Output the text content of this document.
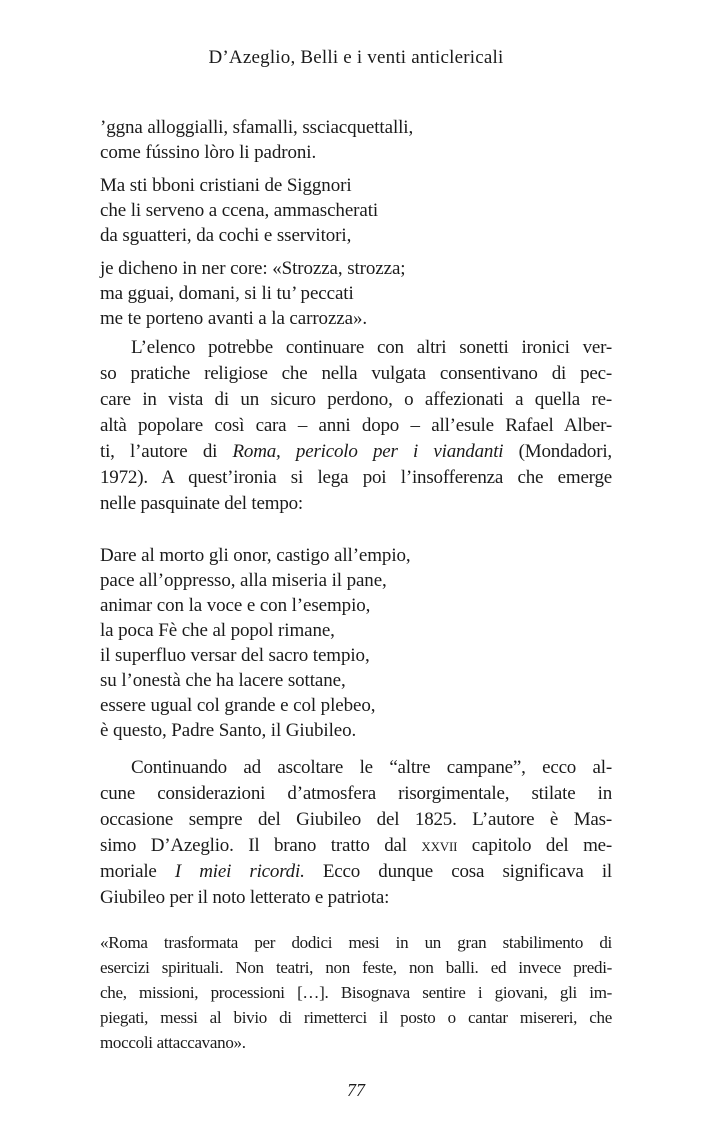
D’Azeglio, Belli e i venti anticlericali
’ggna alloggialli, sfamalli, ssciacquettalli,
come fússino lòro li padroni.
Ma sti bboni cristiani de Siggnori
che li serveno a ccena, ammascherati
da sguatteri, da cochi e sservitori,
je dicheno in ner core: «Strozza, strozza;
ma gguai, domani, si li tu’ peccati
me te porteno avanti a la carrozza».
L’elenco potrebbe continuare con altri sonetti ironici ver-
so pratiche religiose che nella vulgata consentivano di pec-
care in vista di un sicuro perdono, o affezionati a quella re-
altà popolare così cara – anni dopo – all’esule Rafael Alber-
ti, l’autore di Roma, pericolo per i viandanti (Mondadori,
1972). A quest’ironia si lega poi l’insofferenza che emerge
nelle pasquinate del tempo:
Dare al morto gli onor, castigo all’empio,
pace all’oppresso, alla miseria il pane,
animar con la voce e con l’esempio,
la poca Fè che al popol rimane,
il superfluo versar del sacro tempio,
su l’onestà che ha lacere sottane,
essere ugual col grande e col plebeo,
è questo, Padre Santo, il Giubileo.
Continuando ad ascoltare le “altre campane”, ecco al-
cune considerazioni d’atmosfera risorgimentale, stilate in
occasione sempre del Giubileo del 1825. L’autore è Mas-
simo D’Azeglio. Il brano tratto dal xxvii capitolo del me-
moriale I miei ricordi. Ecco dunque cosa significava il
Giubileo per il noto letterato e patriota:
«Roma trasformata per dodici mesi in un gran stabilimento di
esercizi spirituali. Non teatri, non feste, non balli. ed invece predi-
che, missioni, processioni […]. Bisognava sentire i giovani, gli im-
piegati, messi al bivio di rimetterci il posto o cantar misereri, che
moccoli attaccavano».
77
